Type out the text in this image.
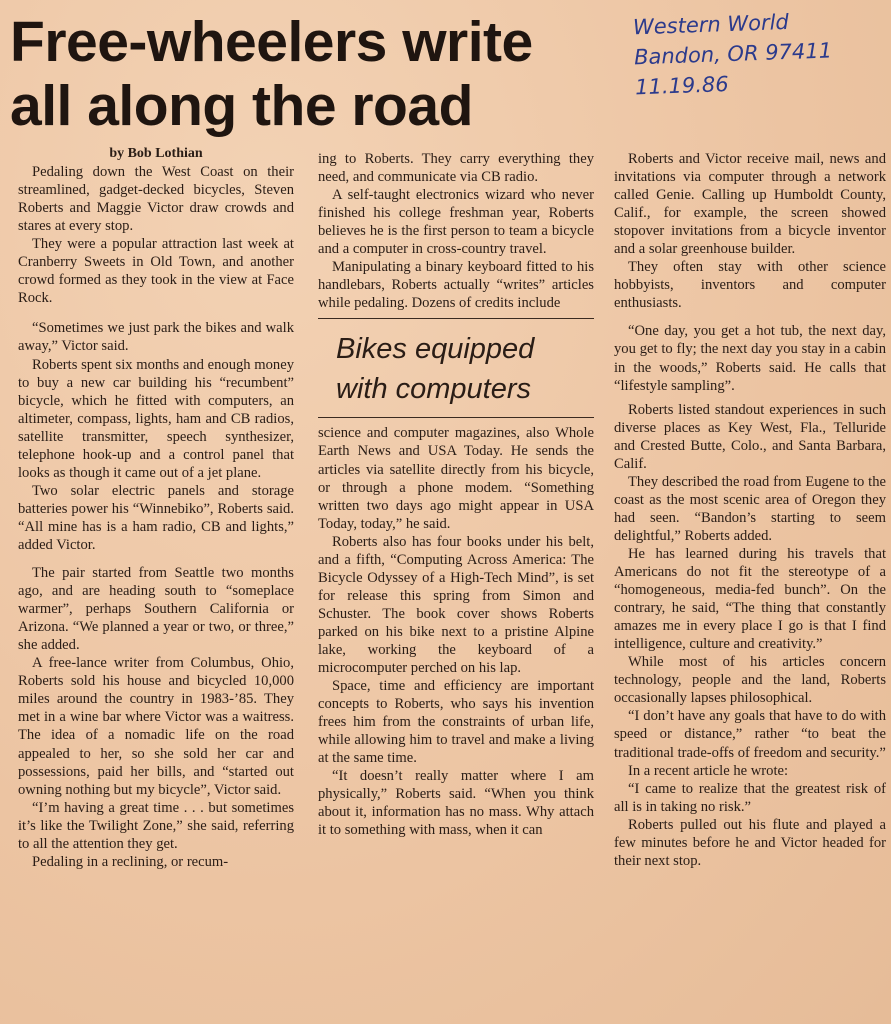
Free-wheelers write
all along the road
Western World
Bandon, OR 97411
11.19.86
by Bob Lothian

Pedaling down the West Coast on their streamlined, gadget-decked bicycles, Steven Roberts and Maggie Victor draw crowds and stares at every stop.

They were a popular attraction last week at Cranberry Sweets in Old Town, and another crowd formed as they took in the view at Face Rock.

“Sometimes we just park the bikes and walk away,” Victor said.

Roberts spent six months and enough money to buy a new car building his “recumbent” bicycle, which he fitted with computers, an altimeter, compass, lights, ham and CB radios, satellite transmitter, speech synthesizer, telephone hook-up and a control panel that looks as though it came out of a jet plane.

Two solar electric panels and storage batteries power his “Winnebiko”, Roberts said. “All mine has is a ham radio, CB and lights,” added Victor.

The pair started from Seattle two months ago, and are heading south to “someplace warmer”, perhaps Southern California or Arizona. “We planned a year or two, or three,” she added.

A free-lance writer from Columbus, Ohio, Roberts sold his house and bicycled 10,000 miles around the country in 1983-’85. They met in a wine bar where Victor was a waitress. The idea of a nomadic life on the road appealed to her, so she sold her car and possessions, paid her bills, and “started out owning nothing but my bicycle”, Victor said.

“I’m having a great time . . . but sometimes it’s like the Twilight Zone,” she said, referring to all the attention they get.

Pedaling in a reclining, or recum-

ing to Roberts. They carry everything they need, and communicate via CB radio.

A self-taught electronics wizard who never finished his college freshman year, Roberts believes he is the first person to team a bicycle and a computer in cross-country travel.

Manipulating a binary keyboard fitted to his handlebars, Roberts actually “writes” articles while pedaling. Dozens of credits include

Bikes equipped
with computers

science and computer magazines, also Whole Earth News and USA Today. He sends the articles via satellite directly from his bicycle, or through a phone modem. “Something written two days ago might appear in USA Today, today,” he said.

Roberts also has four books under his belt, and a fifth, “Computing Across America: The Bicycle Odyssey of a High-Tech Mind”, is set for release this spring from Simon and Schuster. The book cover shows Roberts parked on his bike next to a pristine Alpine lake, working the keyboard of a microcomputer perched on his lap.

Space, time and efficiency are important concepts to Roberts, who says his invention frees him from the constraints of urban life, while allowing him to travel and make a living at the same time.

“It doesn’t really matter where I am physically,” Roberts said. “When you think about it, information has no mass. Why attach it to something with mass, when it can

Roberts and Victor receive mail, news and invitations via computer through a network called Genie. Calling up Humboldt County, Calif., for example, the screen showed stopover invitations from a bicycle inventor and a solar greenhouse builder.

They often stay with other science hobbyists, inventors and computer enthusiasts.

“One day, you get a hot tub, the next day, you get to fly; the next day you stay in a cabin in the woods,” Roberts said. He calls that “lifestyle sampling”.

Roberts listed standout experiences in such diverse places as Key West, Fla., Telluride and Crested Butte, Colo., and Santa Barbara, Calif.

They described the road from Eugene to the coast as the most scenic area of Oregon they had seen. “Bandon’s starting to seem delightful,” Roberts added.

He has learned during his travels that Americans do not fit the stereotype of a “homogeneous, media-fed bunch”. On the contrary, he said, “The thing that constantly amazes me in every place I go is that I find intelligence, culture and creativity.”

While most of his articles concern technology, people and the land, Roberts occasionally lapses philosophical.

“I don’t have any goals that have to do with speed or distance,” rather “to beat the traditional trade-offs of freedom and security.”

In a recent article he wrote:

“I came to realize that the greatest risk of all is in taking no risk.”

Roberts pulled out his flute and played a few minutes before he and Victor headed for their next stop.
